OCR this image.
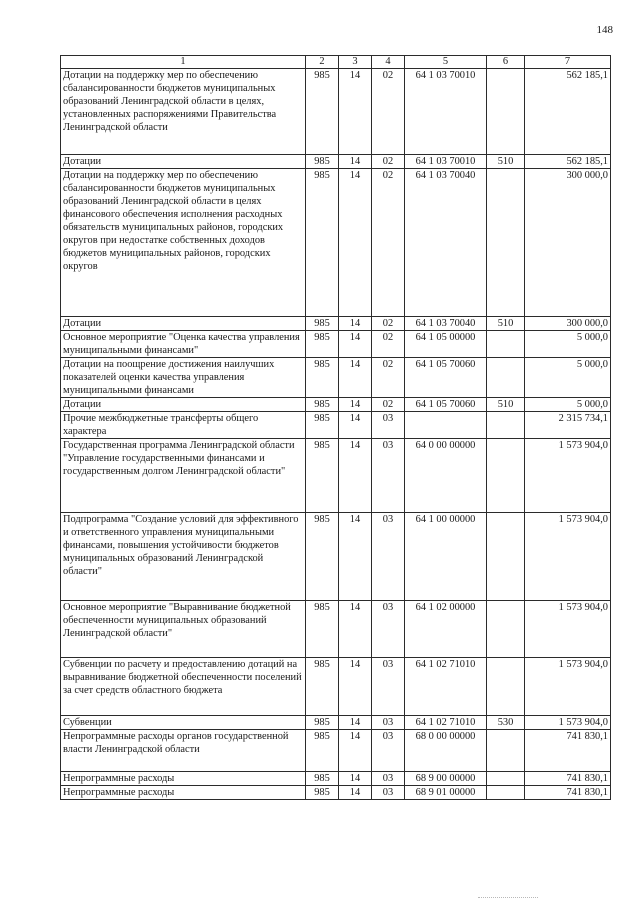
148
1	2	3	4	5	6	7
Дотации на поддержку мер по обеспечению сбалансированности бюджетов муниципальных образований Ленинградской области в целях, установленных распоряжениями Правительства Ленинградской области	985	14	02	64 1 03 70010		562 185,1
Дотации	985	14	02	64 1 03 70010	510	562 185,1
Дотации на поддержку мер по обеспечению сбалансированности бюджетов муниципальных образований Ленинградской области в целях финансового обеспечения исполнения расходных обязательств муниципальных районов, городских округов при недостатке собственных доходов бюджетов муниципальных районов, городских округов	985	14	02	64 1 03 70040		300 000,0
Дотации	985	14	02	64 1 03 70040	510	300 000,0
Основное мероприятие "Оценка качества управления муниципальными финансами"	985	14	02	64 1 05 00000		5 000,0
Дотации на поощрение достижения наилучших показателей оценки качества управления муниципальными финансами	985	14	02	64 1 05 70060		5 000,0
Дотации	985	14	02	64 1 05 70060	510	5 000,0
Прочие межбюджетные трансферты общего характера	985	14	03			2 315 734,1
Государственная программа Ленинградской области "Управление государственными финансами и государственным долгом Ленинградской области"	985	14	03	64 0 00 00000		1 573 904,0
Подпрограмма "Создание условий для эффективного и ответственного управления муниципальными финансами, повышения устойчивости бюджетов муниципальных образований Ленинградской области"	985	14	03	64 1 00 00000		1 573 904,0
Основное мероприятие "Выравнивание бюджетной обеспеченности муниципальных образований Ленинградской области"	985	14	03	64 1 02 00000		1 573 904,0
Субвенции по расчету и предоставлению дотаций на выравнивание бюджетной обеспеченности поселений за счет средств областного бюджета	985	14	03	64 1 02 71010		1 573 904,0
Субвенции	985	14	03	64 1 02 71010	530	1 573 904,0
Непрограммные расходы органов государственной власти Ленинградской области	985	14	03	68 0 00 00000		741 830,1
Непрограммные расходы	985	14	03	68 9 00 00000		741 830,1
Непрограммные расходы	985	14	03	68 9 01 00000		741 830,1
